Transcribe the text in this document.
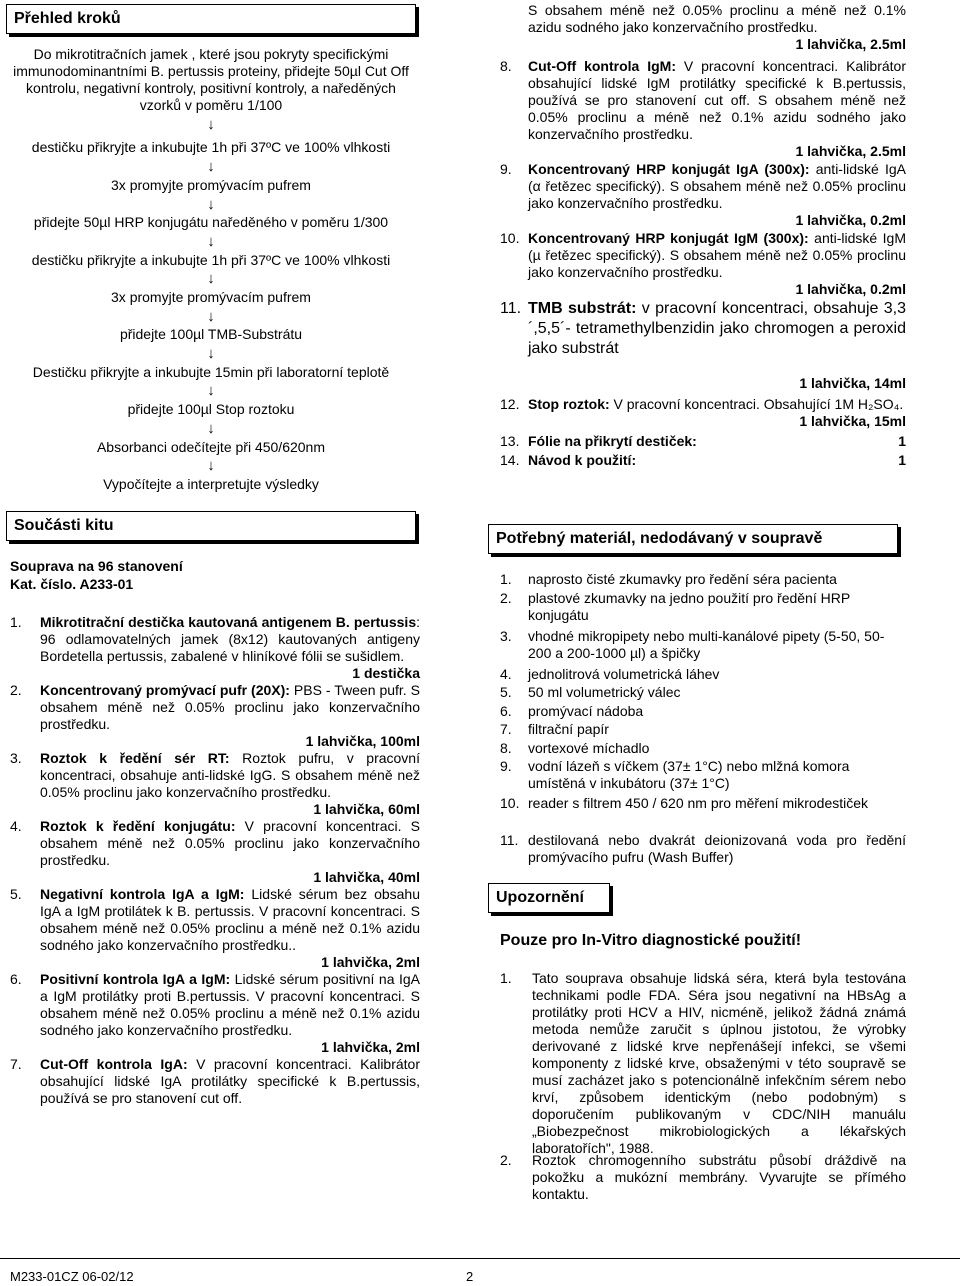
Přehled kroků
Do mikrotitračních jamek , které jsou pokryty specifickými immunodominantními B. pertussis proteiny, přidejte 50µl Cut Off kontrolu, negativní kontroly, positivní kontroly, a naředěných vzorků v poměru 1/100
↓
destičku přikryjte a inkubujte 1h při 37ºC ve 100% vlhkosti
↓
3x promyjte promývacím pufrem
↓
přidejte 50µl HRP konjugátu naředěného v poměru 1/300
↓
destičku přikryjte a inkubujte 1h při 37ºC ve 100% vlhkosti
↓
3x promyjte promývacím pufrem
↓
přidejte 100µl TMB-Substrátu
↓
Destičku přikryjte a inkubujte 15min při laboratorní teplotě
↓
přidejte 100µl Stop roztoku
↓
Absorbanci odečítejte při 450/620nm
↓
Vypočítejte a interpretujte výsledky
Součásti kitu
Souprava na 96 stanovení
Kat. číslo. A233-01
1. Mikrotitrační destička kautovaná antigenem B. pertussis: 96 odlamovatelných jamek (8x12) kautovaných antigeny Bordetella pertussis, zabalené v hliníkové fólii se sušidlem.
1 destička
2. Koncentrovaný promývací pufr (20X): PBS - Tween pufr. S obsahem méně než 0.05% proclinu jako konzervačního prostředku.
1 lahvička, 100ml
3. Roztok k ředění sér RT: Roztok pufru, v pracovní koncentraci, obsahuje anti-lidské IgG. S obsahem méně než 0.05% proclinu jako konzervačního prostředku.
1 lahvička, 60ml
4. Roztok k ředění konjugátu: V pracovní koncentraci. S obsahem méně než 0.05% proclinu jako konzervačního prostředku.
1 lahvička, 40ml
5. Negativní kontrola IgA a IgM: Lidské sérum bez obsahu IgA a IgM protilátek k B. pertussis. V pracovní koncentraci. S obsahem méně než 0.05% proclinu a méně než 0.1% azidu sodného jako konzervačního prostředku..
1 lahvička, 2ml
6. Positivní kontrola IgA a IgM: Lidské sérum positivní na IgA a IgM protilátky proti B.pertussis. V pracovní koncentraci. S obsahem méně než 0.05% proclinu a méně než 0.1% azidu sodného jako konzervačního prostředku.
1 lahvička, 2ml
7. Cut-Off kontrola IgA: V pracovní koncentraci. Kalibrátor obsahující lidské IgA protilátky specifické k B.pertussis, používá se pro stanovení cut off.
S obsahem méně než 0.05% proclinu a méně než 0.1% azidu sodného jako konzervačního prostředku.
1 lahvička, 2.5ml
8. Cut-Off kontrola IgM: V pracovní koncentraci. Kalibrátor obsahující lidské IgM protilátky specifické k B.pertussis, používá se pro stanovení cut off. S obsahem méně než 0.05% proclinu a méně než 0.1% azidu sodného jako konzervačního prostředku.
1 lahvička, 2.5ml
9. Koncentrovaný HRP konjugát IgA (300x): anti-lidské IgA (α řetězec specifický). S obsahem méně než 0.05% proclinu jako konzervačního prostředku.
1 lahvička, 0.2ml
10. Koncentrovaný HRP konjugát IgM (300x): anti-lidské IgM (µ řetězec specifický). S obsahem méně než 0.05% proclinu jako konzervačního prostředku.
1 lahvička, 0.2ml
11. TMB substrát: v pracovní koncentraci, obsahuje 3,3´,5,5´- tetramethylbenzidin jako chromogen a peroxid jako substrát
1 lahvička, 14ml
12. Stop roztok: V pracovní koncentraci. Obsahující 1M H₂SO₄.
1 lahvička, 15ml
13. Fólie na přikrytí destiček:	1
14. Návod k použití:	1
Potřebný materiál, nedodávaný v soupravě
1. naprosto čisté zkumavky pro ředění séra pacienta
2. plastové zkumavky na jedno použití pro ředění HRP konjugátu
3. vhodné mikropipety nebo multi-kanálové pipety (5-50, 50-200 a 200-1000 µl) a špičky
4. jednolitrová volumetrická láhev
5. 50 ml volumetrický válec
6. promývací nádoba
7. filtrační papír
8. vortexové míchadlo
9. vodní lázeň s víčkem (37± 1°C) nebo mlžná komora umístěná v inkubátoru (37± 1°C)
10. reader s filtrem 450 / 620 nm pro měření mikrodestiček
11. destilovaná nebo dvakrát deionizovaná voda pro ředění promývacího pufru (Wash Buffer)
Upozornění
Pouze pro In-Vitro diagnostické použití!
1. Tato souprava obsahuje lidská séra, která byla testována technikami podle FDA. Séra jsou negativní na HBsAg a protilátky proti HCV a HIV, nicméně, jelikož žádná známá metoda nemůže zaručit s úplnou jistotou, že výrobky derivované z lidské krve nepřenášejí infekci, se všemi komponenty z lidské krve, obsaženými v této soupravě se musí zacházet jako s potencionálně infekčním sérem nebo krví, způsobem identickým (nebo podobným) s doporučením publikovaným v CDC/NIH manuálu „Biobezpečnost mikrobiologických a lékařských laboratořích", 1988.
2. Roztok chromogenního substrátu působí dráždivě na pokožku a mukózní membrány. Vyvarujte se přímého kontaktu.
M233-01CZ 06-02/12	2
